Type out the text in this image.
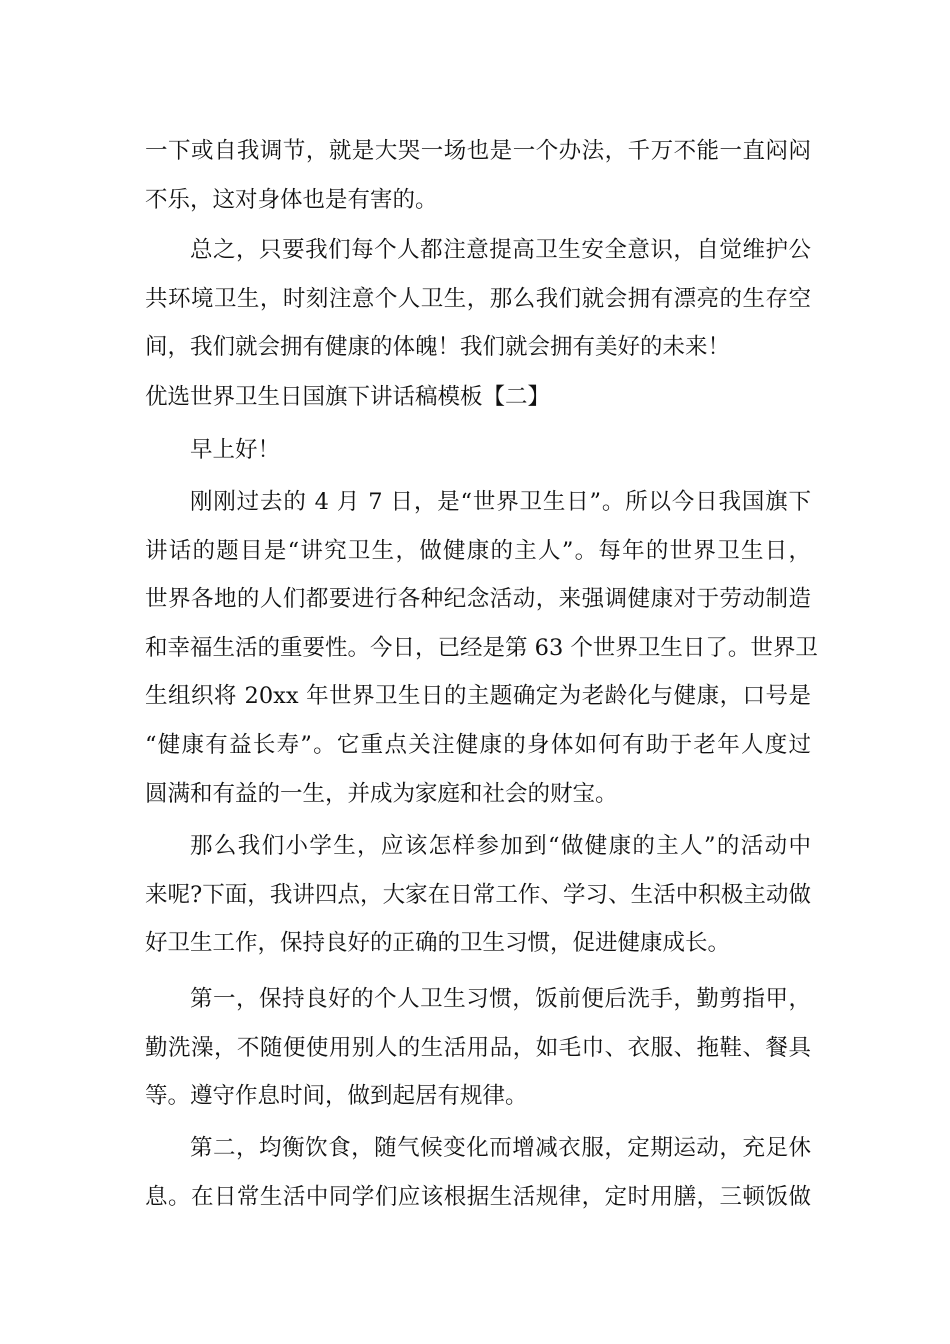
一下或自我调节，就是大哭一场也是一个办法，千万不能一直闷闷
不乐，这对身体也是有害的。
总之，只要我们每个人都注意提高卫生安全意识，自觉维护公
共环境卫生，时刻注意个人卫生，那么我们就会拥有漂亮的生存空
间，我们就会拥有健康的体魄！我们就会拥有美好的未来！
优选世界卫生日国旗下讲话稿模板【二】
早上好！
刚刚过去的 4 月 7 日，是“世界卫生日”。所以今日我国旗下
讲话的题目是“讲究卫生，做健康的主人”。每年的世界卫生日，
世界各地的人们都要进行各种纪念活动，来强调健康对于劳动制造
和幸福生活的重要性。今日，已经是第 63 个世界卫生日了。世界卫
生组织将 20xx 年世界卫生日的主题确定为老龄化与健康，口号是
“健康有益长寿”。它重点关注健康的身体如何有助于老年人度过
圆满和有益的一生，并成为家庭和社会的财宝。
那么我们小学生，应该怎样参加到“做健康的主人”的活动中
来呢?下面，我讲四点，大家在日常工作、学习、生活中积极主动做
好卫生工作，保持良好的正确的卫生习惯，促进健康成长。
第一，保持良好的个人卫生习惯，饭前便后洗手，勤剪指甲，
勤洗澡，不随便使用别人的生活用品，如毛巾、衣服、拖鞋、餐具
等。遵守作息时间，做到起居有规律。
第二，均衡饮食，随气候变化而增减衣服，定期运动，充足休
息。在日常生活中同学们应该根据生活规律，定时用膳，三顿饭做
